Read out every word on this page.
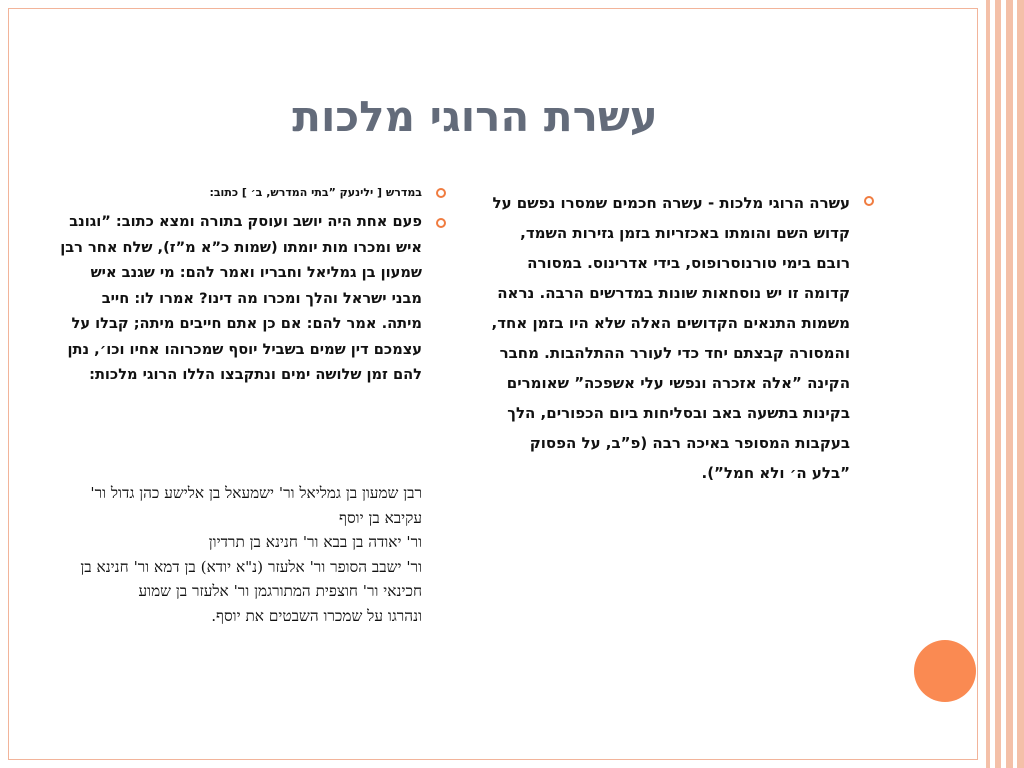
עשרת הרוגי מלכות
עשרה הרוגי מלכות - עשרה חכמים שמסרו נפשם על קדוש השם והומתו באכזריות בזמן גזירות השמד, רובם בימי טורנוסרופוס, בידי אדרינוס. במסורה קדומה זו יש נוסחאות שונות במדרשים הרבה. נראה משמות התנאים הקדושים האלה שלא היו בזמן אחד, והמסורה קבצתם יחד כדי לעורר ההתלהבות. מחבר הקינה ”אלה אזכרה ונפשי עלי אשפכה” שאומרים בקינות בתשעה באב ובסליחות ביום הכפורים, הלך בעקבות המסופר באיכה רבה (פ”ב, על הפסוק ”בלע ה׳ ולא חמל”).
במדרש [ ילינעק ”בתי המדרש, ב׳ ] כתוב:
פעם אחת היה יושב ועוסק בתורה ומצא כתוב: ”וגונב איש ומכרו מות יומתו (שמות כ”א מ”ז), שלח אחר רבן שמעון בן גמליאל וחבריו ואמר להם: מי שגנב איש מבני ישראל והלך ומכרו מה דינו? אמרו לו: חייב מיתה. אמר להם: אם כן אתם חייבים מיתה; קבלו על עצמכם דין שמים בשביל יוסף שמכרוהו אחיו וכו׳, נתן להם זמן שלושה ימים ונתקבצו הללו הרוגי מלכות:
רבן שמעון בן גמליאל ור' ישמעאל בן אלישע כהן גדול ור' עקיבא בן יוסף
ור' יאודה בן בבא ור' חנינא בן תרדיון
ור' ישבב הסופר ור' אלעזר (נ"א יודא) בן דמא ור' חנינא בן חכינאי ור' חוצפית המתורגמן ור' אלעזר בן שמוע
ונהרגו על שמכרו השבטים את יוסף.
